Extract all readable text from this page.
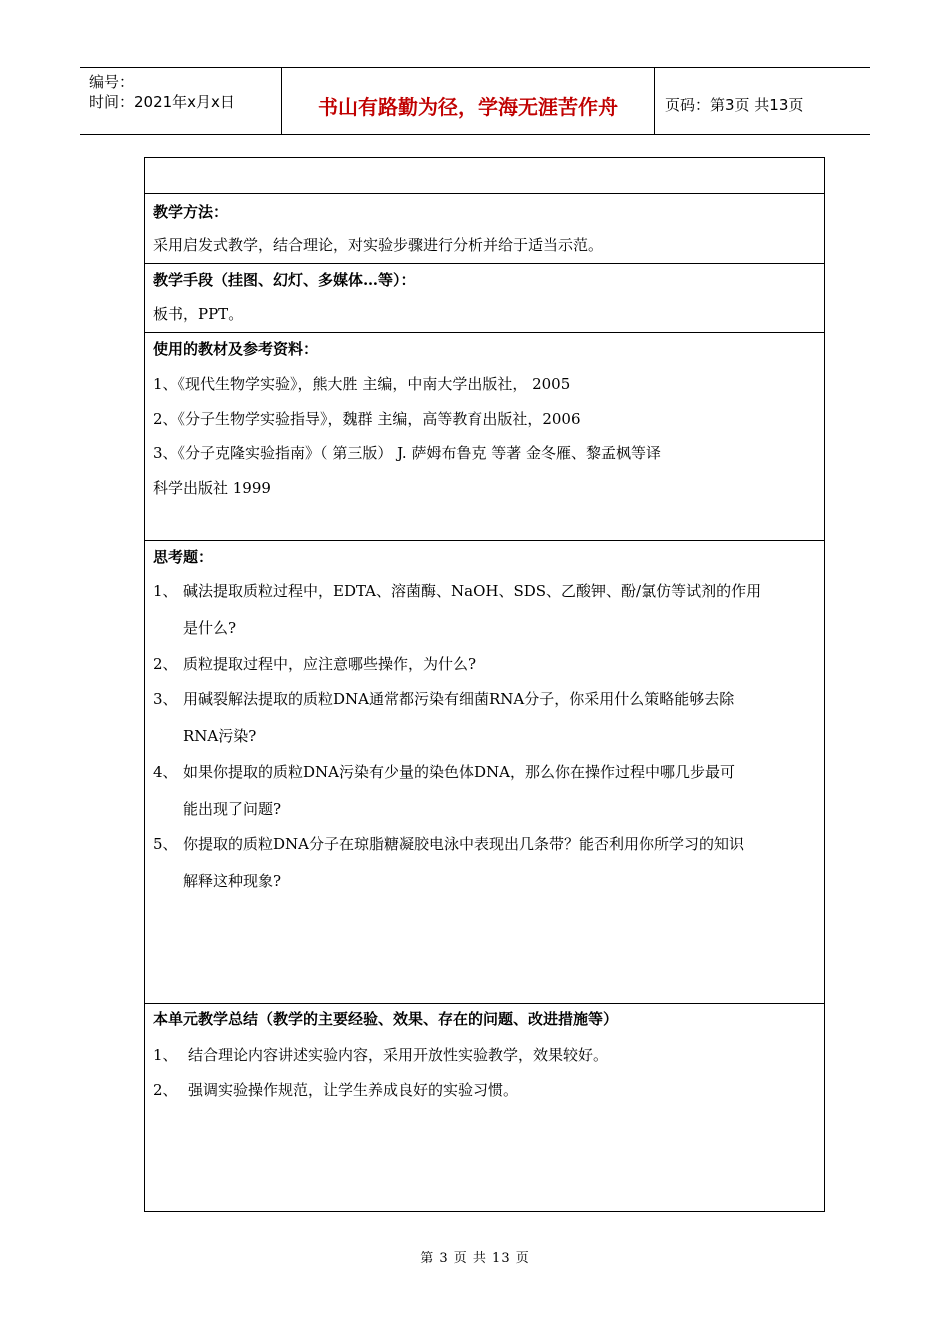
编号：
时间：2021年x月x日	书山有路勤为径，学海无涯苦作舟	页码：第3页 共13页
教学方法：
采用启发式教学，结合理论，对实验步骤进行分析并给于适当示范。
教学手段（挂图、幻灯、多媒体…等）：
板书，PPT。
使用的教材及参考资料：
1、《现代生物学实验》，熊大胜 主编，中南大学出版社， 2005
2、《分子生物学实验指导》，魏群 主编，高等教育出版社，2006
3、《分子克隆实验指南》（ 第三版） J. 萨姆布鲁克 等著 金冬雁、黎孟枫等译
科学出版社 1999
思考题：
1、 碱法提取质粒过程中，EDTA、溶菌酶、NaOH、SDS、乙酸钾、酚/氯仿等试剂的作用
是什么?
2、 质粒提取过程中，应注意哪些操作，为什么?
3、 用碱裂解法提取的质粒DNA通常都污染有细菌RNA分子，你采用什么策略能够去除
RNA污染?
4、 如果你提取的质粒DNA污染有少量的染色体DNA，那么你在操作过程中哪几步最可
能出现了问题?
5、 你提取的质粒DNA分子在琼脂糖凝胶电泳中表现出几条带？能否利用你所学习的知识
解释这种现象?
本单元教学总结（教学的主要经验、效果、存在的问题、改进措施等）
1、 结合理论内容讲述实验内容，采用开放性实验教学，效果较好。
2、 强调实验操作规范，让学生养成良好的实验习惯。
第 3 页 共 13 页
